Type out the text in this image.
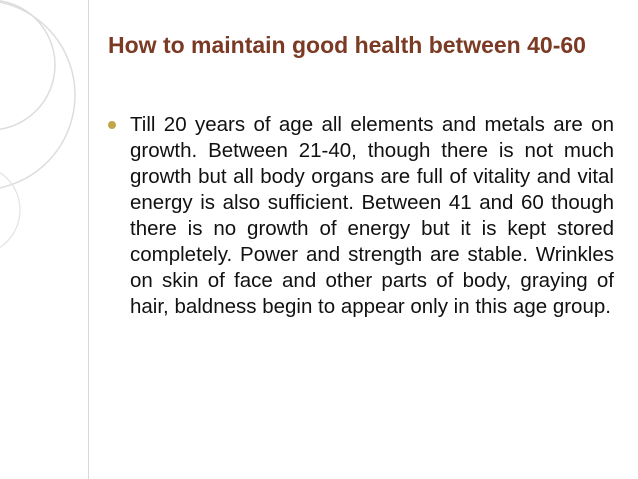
How to maintain good health between 40-60
Till 20 years of age all elements and metals are on growth. Between 21-40, though there is not much growth but all body organs are full of vitality and vital energy is also sufficient. Between 41 and 60 though there is no growth of energy but it is kept stored completely. Power and strength are stable. Wrinkles on skin of face and other parts of body, graying of hair, baldness begin to appear only in this age group.
